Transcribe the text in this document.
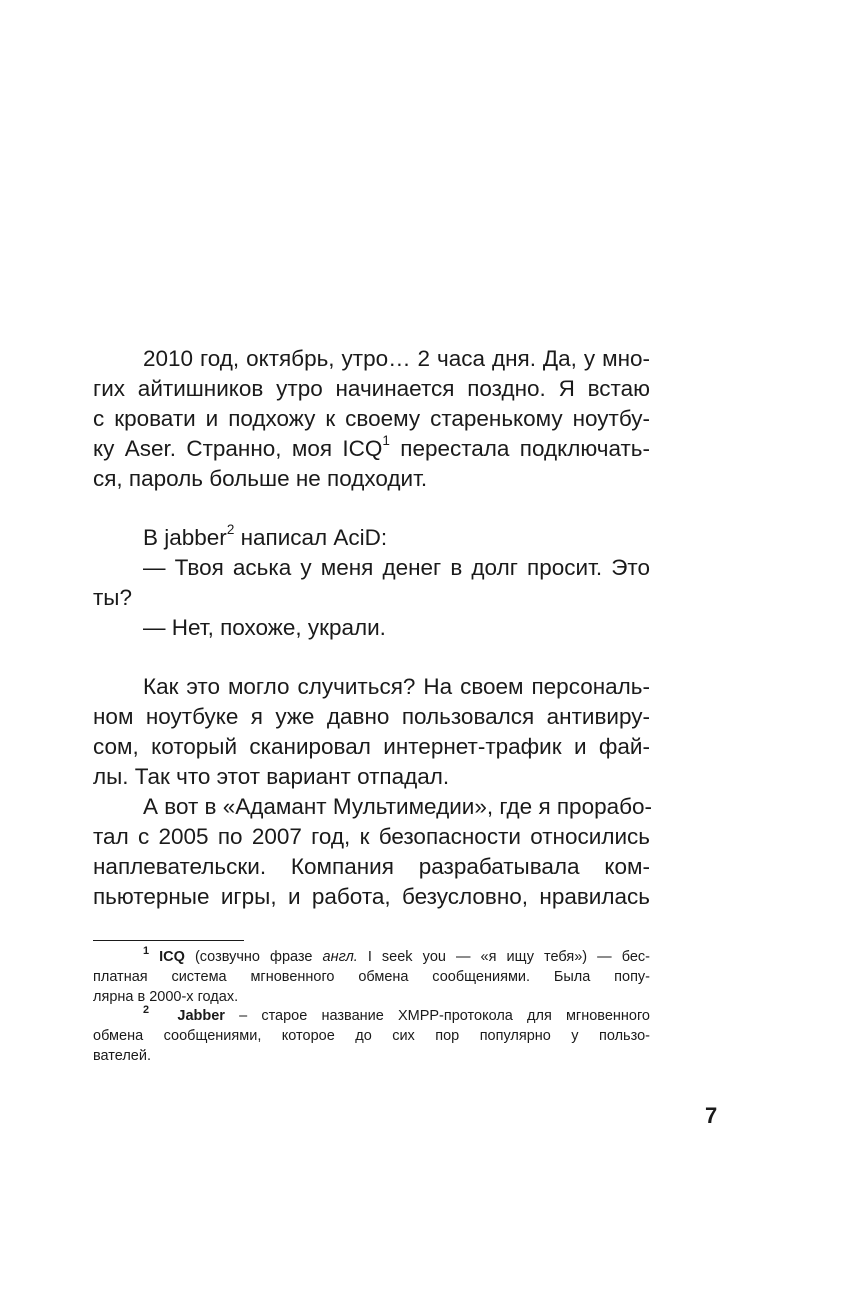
2010 год, октябрь, утро… 2 часа дня. Да, у мно-
гих айтишников утро начинается поздно. Я встаю
с кровати и подхожу к своему старенькому ноутбу-
ку Aser. Странно, моя ICQ$^1$ перестала подключать-
ся, пароль больше не подходит.
В jabber$^2$ написал AciD:
— Твоя аська у меня денег в долг просит. Это
ты?
— Нет, похоже, украли.
Как это могло случиться? На своем персональ-
ном ноутбуке я уже давно пользовался антивиру-
сом, который сканировал интернет-трафик и фай-
лы. Так что этот вариант отпадал.
А вот в «Адамант Мультимедии», где я прорабо-
тал с 2005 по 2007 год, к безопасности относились
наплевательски. Компания разрабатывала ком-
пьютерные игры, и работа, безусловно, нравилась
$^1$ ICQ (созвучно фразе англ. I seek you — «я ищу тебя») — бес-
платная система мгновенного обмена сообщениями. Была попу-
лярна в 2000-х годах.
$^2$ Jabber – старое название XMPP-протокола для мгновенного
обмена сообщениями, которое до сих пор популярно у пользо-
вателей.
7
